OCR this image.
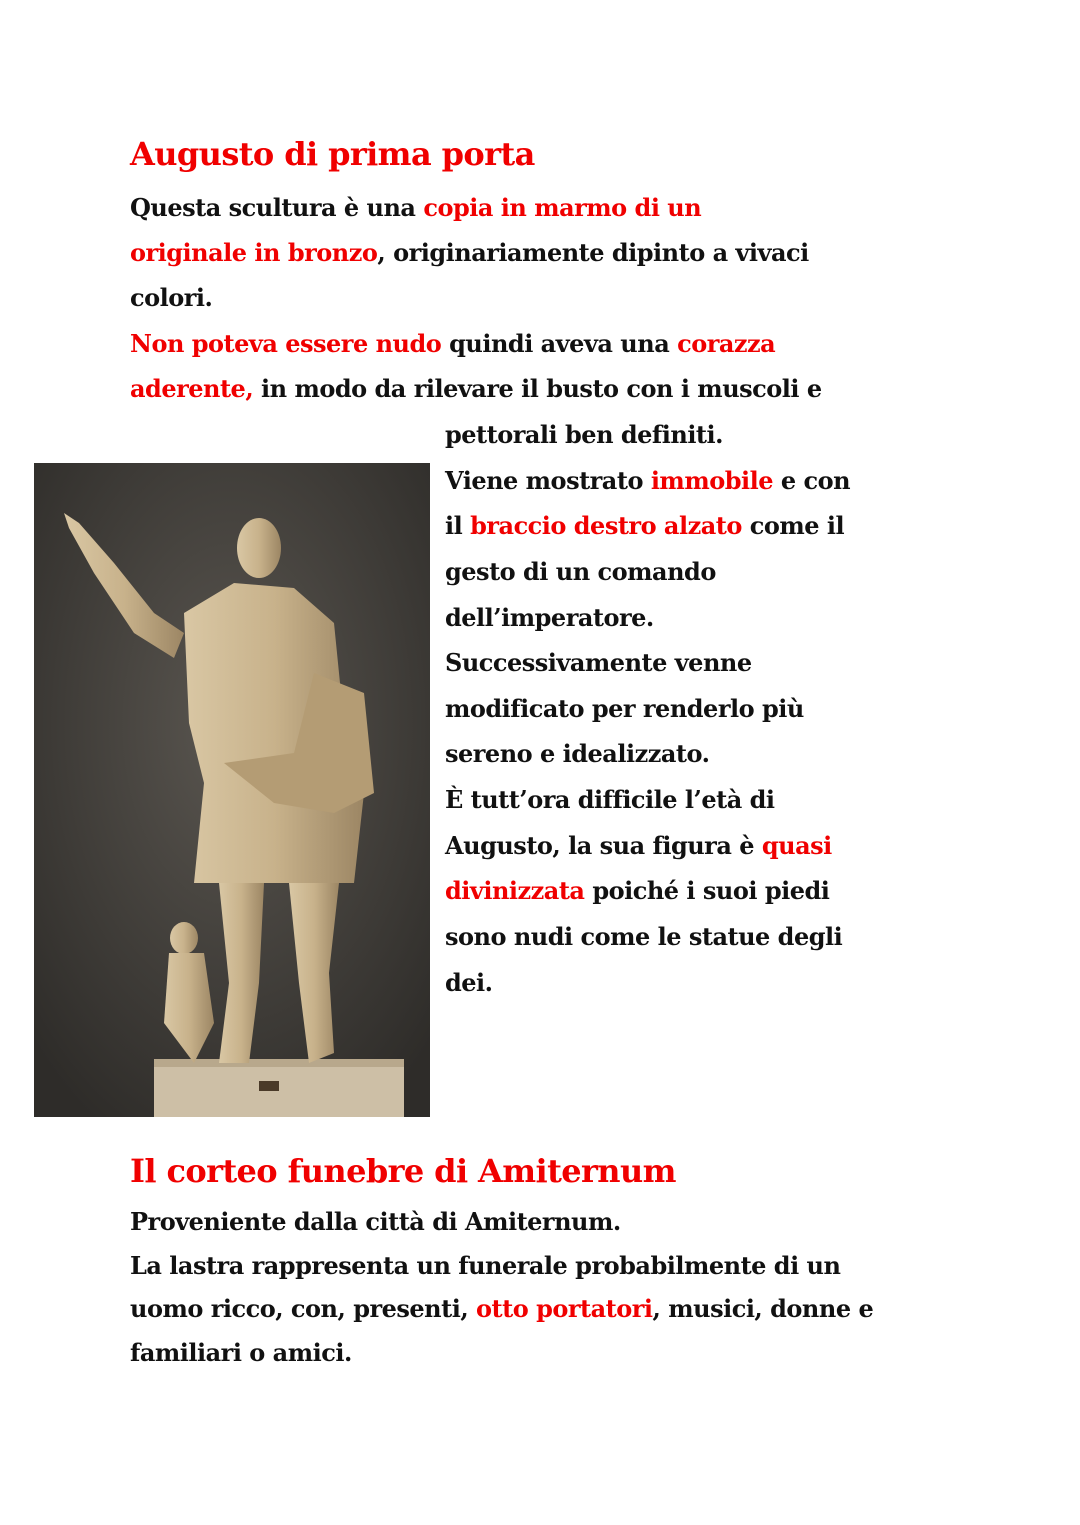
Augusto di prima porta
Questa scultura è una copia in marmo di un
originale in bronzo, originariamente dipinto a vivaci
colori.
Non poteva essere nudo quindi aveva una corazza
aderente, in modo da rilevare il busto con i muscoli e
pettorali ben definiti.
Viene mostrato immobile e con
il braccio destro alzato come il
gesto di un comando
dell’imperatore.
Successivamente venne
modificato per renderlo più
sereno e idealizzato.
È tutt’ora difficile l’età di
Augusto, la sua figura è quasi
divinizzata poiché i suoi piedi
sono nudi come le statue degli
dei.
Il corteo funebre di Amiternum
Proveniente dalla città di Amiternum.
La lastra rappresenta un funerale probabilmente di un
uomo ricco, con, presenti, otto portatori, musici, donne e
familiari o amici.
